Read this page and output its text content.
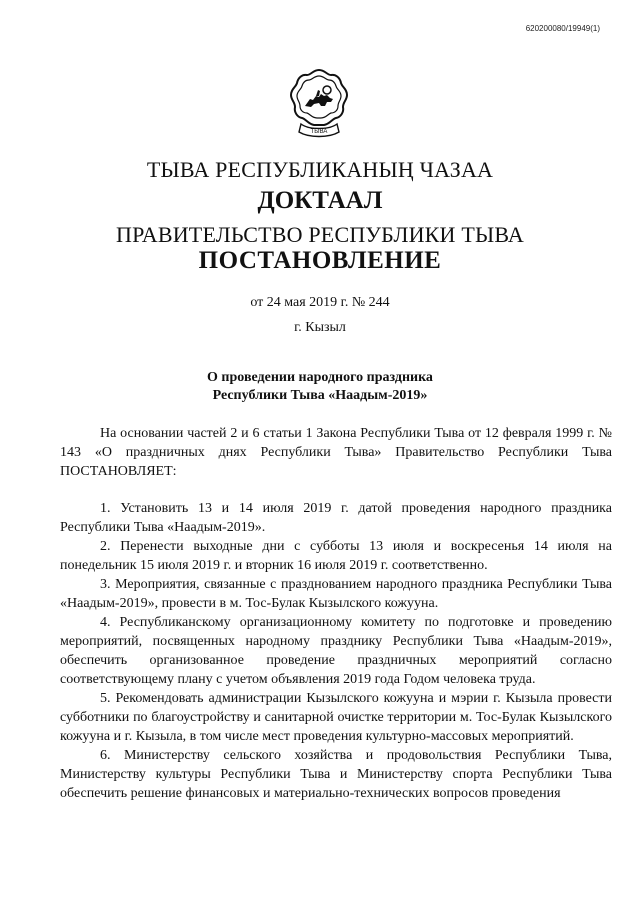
620200080/19949(1)
ТЫВА
ТЫВА РЕСПУБЛИКАНЫҢ ЧАЗАА
ДОКТААЛ
ПРАВИТЕЛЬСТВО РЕСПУБЛИКИ ТЫВА
ПОСТАНОВЛЕНИЕ
от 24 мая 2019 г. № 244
г. Кызыл
О проведении народного праздника
Республики Тыва «Наадым-2019»

На основании частей 2 и 6 статьи 1 Закона Республики Тыва от 12 февраля 1999 г. № 143 «О праздничных днях Республики Тыва» Правительство Республики Тыва ПОСТАНОВЛЯЕТ:

1. Установить 13 и 14 июля 2019 г. датой проведения народного праздника Республики Тыва «Наадым-2019».

2. Перенести выходные дни с субботы 13 июля и воскресенья 14 июля на понедельник 15 июля 2019 г. и вторник 16 июля 2019 г. соответственно.

3. Мероприятия, связанные с празднованием народного праздника Республики Тыва «Наадым-2019», провести в м. Тос-Булак Кызылского кожууна.

4. Республиканскому организационному комитету по подготовке и проведению мероприятий, посвященных народному празднику Республики Тыва «Наадым-2019», обеспечить организованное проведение праздничных мероприятий согласно соответствующему плану с учетом объявления 2019 года Годом человека труда.

5. Рекомендовать администрации Кызылского кожууна и мэрии г. Кызыла провести субботники по благоустройству и санитарной очистке территории м. Тос-Булак Кызылского кожууна и г. Кызыла, в том числе мест проведения культурно-массовых мероприятий.

6. Министерству сельского хозяйства и продовольствия Республики Тыва, Министерству культуры Республики Тыва и Министерству спорта Республики Тыва обеспечить решение финансовых и материально-технических вопросов проведения
